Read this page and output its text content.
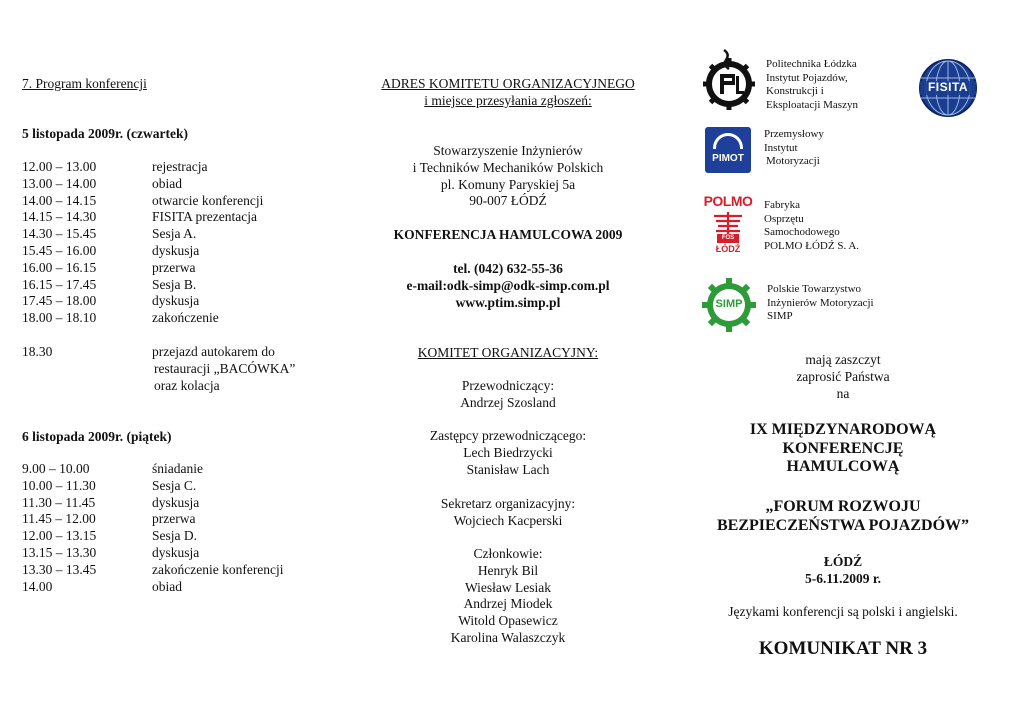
7. Program konferencji
5 listopada 2009r. (czwartek)
12.00 – 13.00	rejestracja
13.00 – 14.00	obiad
14.00 – 14.15	otwarcie konferencji
14.15 – 14.30	FISITA prezentacja
14.30 – 15.45	Sesja A.
15.45 – 16.00	dyskusja
16.00 – 16.15	przerwa
16.15 – 17.45	Sesja B.
17.45 – 18.00	dyskusja
18.00 – 18.10	zakończenie
18.30	przejazd autokarem do
restauracji „BACÓWKA”
oraz kolacja
6 listopada 2009r. (piątek)
9.00 – 10.00	śniadanie
10.00 – 11.30	Sesja C.
11.30 – 11.45	dyskusja
11.45 – 12.00	przerwa
12.00 – 13.15	Sesja D.
13.15 – 13.30	dyskusja
13.30 – 13.45	zakończenie konferencji
14.00	obiad
ADRES KOMITETU ORGANIZACYJNEGO
i miejsce przesyłania zgłoszeń:
Stowarzyszenie Inżynierów
i Techników Mechaników Polskich
pl. Komuny Paryskiej 5a
90-007 ŁÓDŹ
KONFERENCJA HAMULCOWA 2009
tel. (042) 632-55-36
e-mail:odk-simp@odk-simp.com.pl
www.ptim.simp.pl
KOMITET ORGANIZACYJNY:
Przewodniczący:
Andrzej Szosland
Zastępcy przewodniczącego:
Lech Biedrzycki
Stanisław Lach
Sekretarz organizacyjny:
Wojciech Kacperski
Członkowie:
Henryk Bil
Wiesław Lesiak
Andrzej Miodek
Witold Opasewicz
Karolina Walaszczyk
Politechnika Łódzka
Instytut Pojazdów,
Konstrukcji i
Eksploatacji Maszyn
FISITA
PIMOT
Przemysłowy
Instytut
Motoryzacji
POLMO
FOS
ŁÓDŹ
Fabryka
Osprzętu
Samochodowego
POLMO ŁÓDŹ S. A.
SIMP
Polskie Towarzystwo
Inżynierów Motoryzacji
SIMP
mają zaszczyt
zaprosić Państwa
na
IX MIĘDZYNARODOWĄ
KONFERENCJĘ
HAMULCOWĄ
„FORUM ROZWOJU
BEZPIECZEŃSTWA POJAZDÓW”
ŁÓDŹ
5-6.11.2009 r.
Językami konferencji są polski i angielski.
KOMUNIKAT NR 3
